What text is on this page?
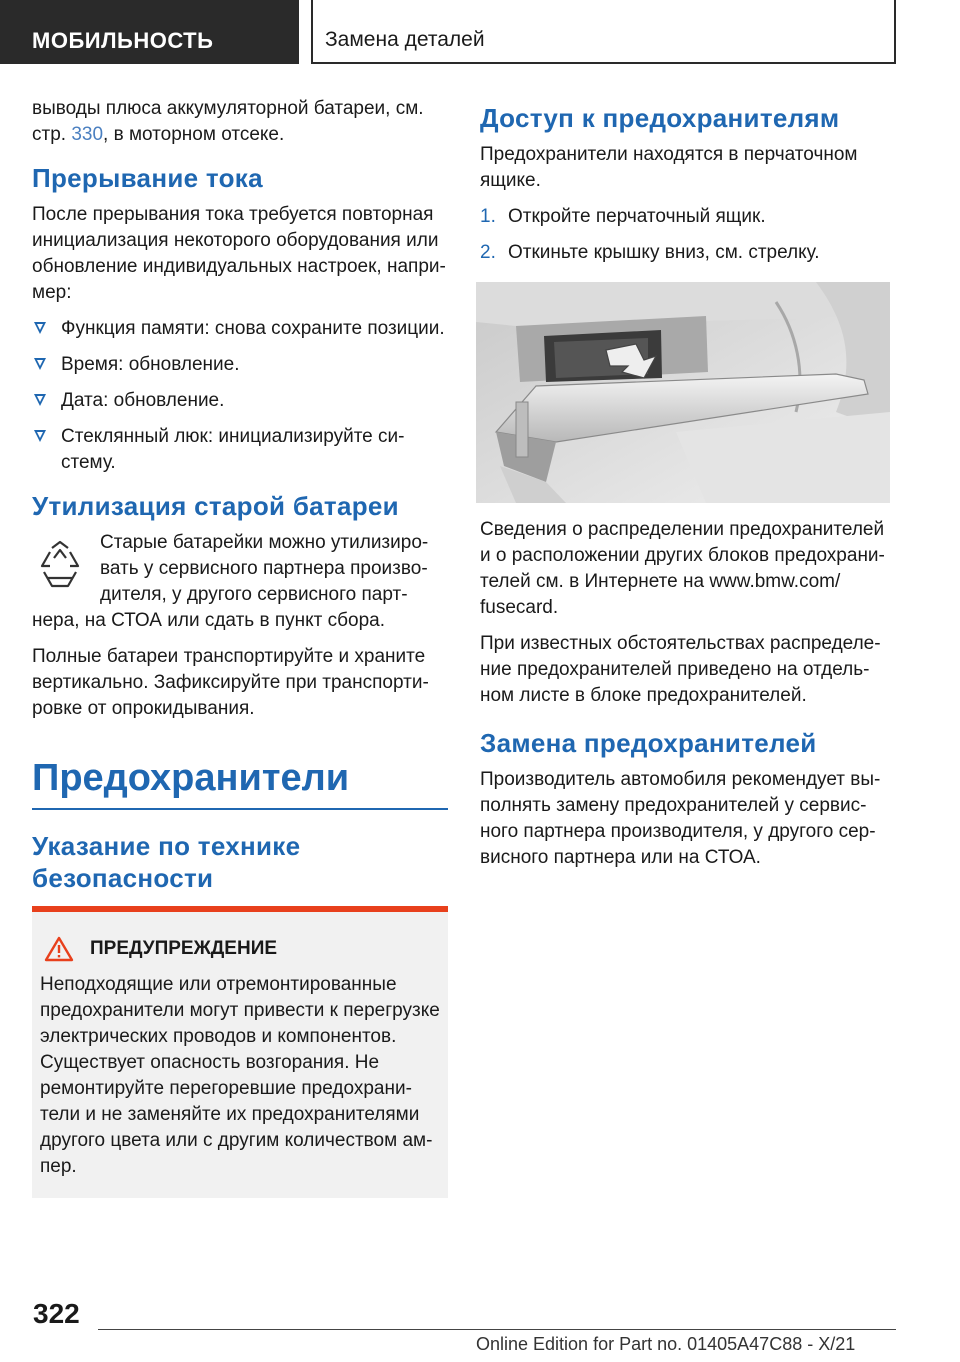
МОБИЛЬНОСТЬ	Замена деталей

выводы плюса аккумуляторной батареи, см. стр. 330, в моторном отсеке.

Прерывание тока

После прерывания тока требуется повторная инициализация некоторого оборудования или обновление индивидуальных настроек, например:

Функция памяти: снова сохраните позиции.
Время: обновление.
Дата: обновление.
Стеклянный люк: инициализируйте систему.
Утилизация старой батареи

Старые батарейки можно утилизировать у сервисного партнера производителя, у другого сервисного партнера, на СТОА или сдать в пункт сбора.

Полные батареи транспортируйте и храните вертикально. Зафиксируйте при транспортировке от опрокидывания.

Предохранители
Указание по технике безопасности
ПРЕДУПРЕЖДЕНИЕ

Неподходящие или отремонтированные предохранители могут привести к перегрузке электрических проводов и компонентов. Существует опасность возгорания. Не ремонтируйте перегоревшие предохранители и не заменяйте их предохранителями другого цвета или с другим количеством ампер.

Доступ к предохранителям

Предохранители находятся в перчаточном ящике.

1. Откройте перчаточный ящик.
2. Откиньте крышку вниз, см. стрелку.

Сведения о распределении предохранителей и о расположении других блоков предохранителей см. в Интернете на www.bmw.com/ fusecard.

При известных обстоятельствах распределение предохранителей приведено на отдельном листе в блоке предохранителей.

Замена предохранителей

Производитель автомобиля рекомендует выполнять замену предохранителей у сервисного партнера производителя, у другого сервисного партнера или на СТОА.

322
Online Edition for Part no. 01405A47C88 - X/21
